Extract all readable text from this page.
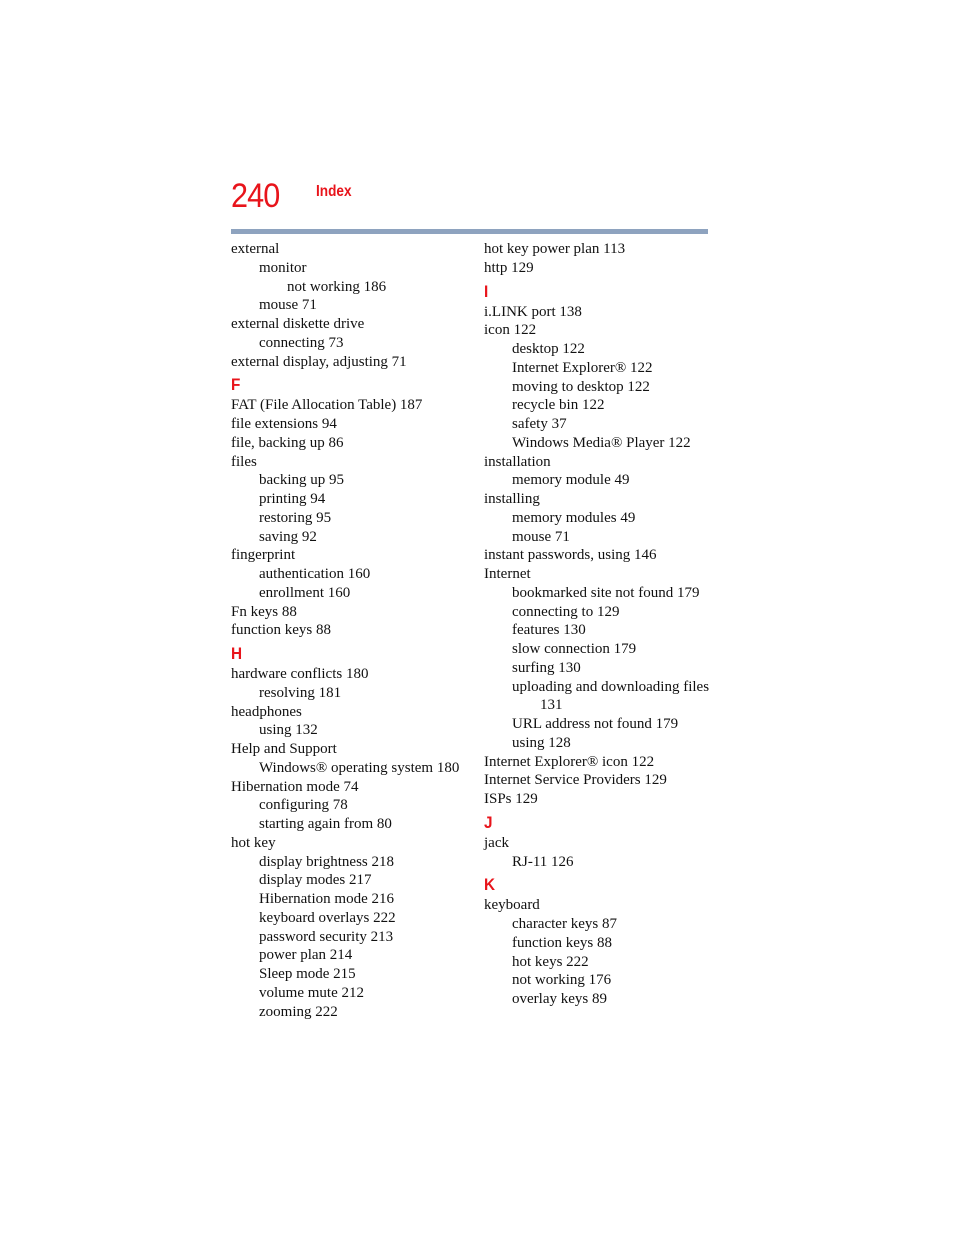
240 Index
external
monitor
not working 186
mouse 71
external diskette drive
connecting 73
external display, adjusting 71
F
FAT (File Allocation Table) 187
file extensions 94
file, backing up 86
files
backing up 95
printing 94
restoring 95
saving 92
fingerprint
authentication 160
enrollment 160
Fn keys 88
function keys 88
H
hardware conflicts 180
resolving 181
headphones
using 132
Help and Support
Windows® operating system 180
Hibernation mode 74
configuring 78
starting again from 80
hot key
display brightness 218
display modes 217
Hibernation mode 216
keyboard overlays 222
password security 213
power plan 214
Sleep mode 215
volume mute 212
zooming 222
hot key power plan 113
http 129
I
i.LINK port 138
icon 122
desktop 122
Internet Explorer® 122
moving to desktop 122
recycle bin 122
safety 37
Windows Media® Player 122
installation
memory module 49
installing
memory modules 49
mouse 71
instant passwords, using 146
Internet
bookmarked site not found 179
connecting to 129
features 130
slow connection 179
surfing 130
uploading and downloading files
131
URL address not found 179
using 128
Internet Explorer® icon 122
Internet Service Providers 129
ISPs 129
J
jack
RJ-11 126
K
keyboard
character keys 87
function keys 88
hot keys 222
not working 176
overlay keys 89
